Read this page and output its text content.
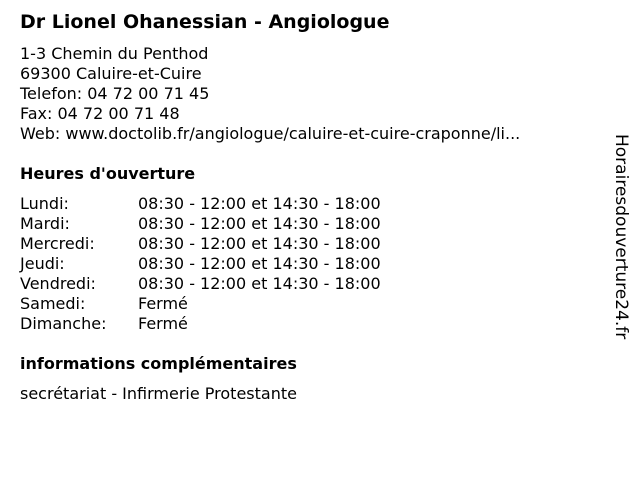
Dr Lionel Ohanessian - Angiologue
1-3 Chemin du Penthod
69300 Caluire-et-Cuire
Telefon: 04 72 00 71 45
Fax: 04 72 00 71 48
Web: www.doctolib.fr/angiologue/caluire-et-cuire-craponne/li...
Heures d'ouverture
Lundi:	08:30 - 12:00 et 14:30 - 18:00
Mardi:	08:30 - 12:00 et 14:30 - 18:00
Mercredi:	08:30 - 12:00 et 14:30 - 18:00
Jeudi:	08:30 - 12:00 et 14:30 - 18:00
Vendredi:	08:30 - 12:00 et 14:30 - 18:00
Samedi:	Fermé
Dimanche:	Fermé
informations complémentaires
secrétariat - Infirmerie Protestante
Horairesdouverture24.fr
